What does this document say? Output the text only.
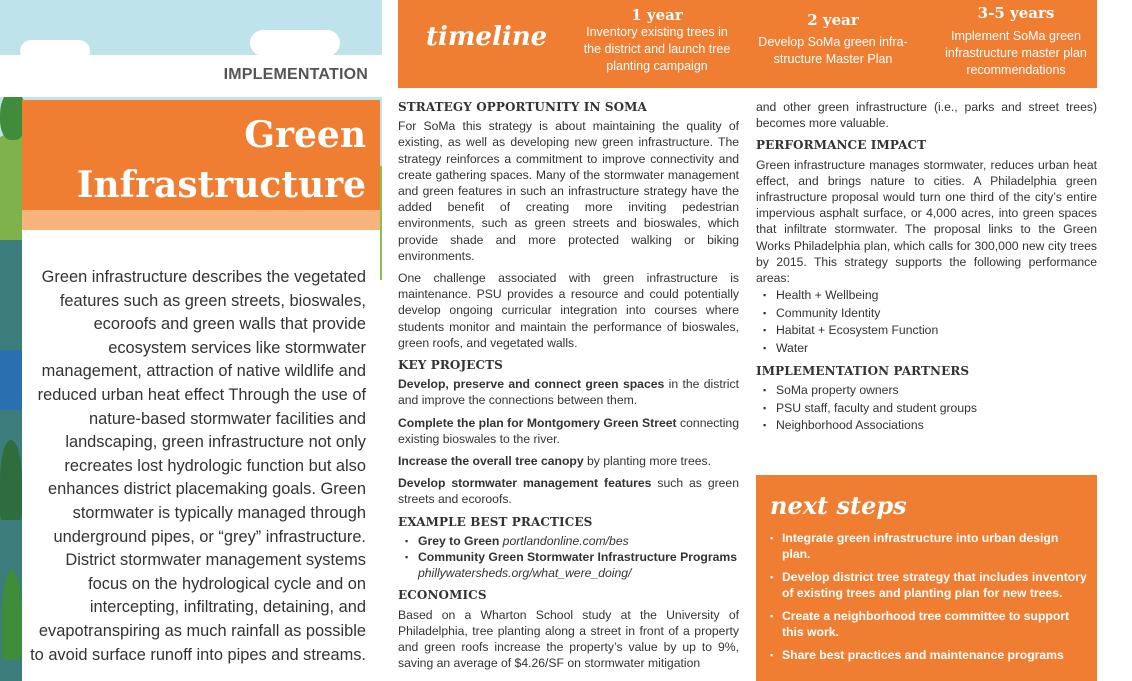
Green
Infrastructure
IMPLEMENTATION
Green infrastructure describes the vegetated features such as green streets, bioswales, ecoroofs and green walls that provide ecosystem services like stormwater management, attraction of native wildlife and reduced urban heat effect Through the use of nature-based stormwater facilities and landscaping, green infrastructure not only recreates lost hydrologic function but also enhances district placemaking goals. Green stormwater is typically managed through underground pipes, or “grey” infrastructure. District stormwater management systems focus on the hydrological cycle and on intercepting, infiltrating, detaining, and evapotranspiring as much rainfall as possible to avoid surface runoff into pipes and streams.
timeline
1 year
Inventory existing trees in the district and launch tree planting campaign
2 year
Develop SoMa green infra-structure Master Plan
3-5 years
Implement SoMa green infrastructure master plan recommendations
STRATEGY OPPORTUNITY IN SOMA

For SoMa this strategy is about maintaining the quality of existing, as well as developing new green infrastructure. The strategy reinforces a commitment to improve connectivity and create gathering spaces. Many of the stormwater management and green features in such an infrastructure strategy have the added benefit of creating more inviting pedestrian environments, such as green streets and bioswales, which provide shade and more protected walking or biking environments.

One challenge associated with green infrastructure is maintenance. PSU provides a resource and could potentially develop ongoing curricular integration into courses where students monitor and maintain the performance of bioswales, green roofs, and vegetated walls.

KEY PROJECTS

Develop, preserve and connect green spaces in the district and improve the connections between them.

Complete the plan for Montgomery Green Street connecting existing bioswales to the river.

Increase the overall tree canopy by planting more trees.

Develop stormwater management features such as green streets and ecoroofs.

EXAMPLE BEST PRACTICES
▪ Grey to Green portlandonline.com/bes
▪ Community Green Stormwater Infrastructure Programs
phillywatersheds.org/what_were_doing/
ECONOMICS

Based on a Wharton School study at the University of Philadelphia, tree planting along a street in front of a property and green roofs increase the property’s value by up to 9%, saving an average of $4.26/SF on stormwater mitigation

and other green infrastructure (i.e., parks and street trees) becomes more valuable.

PERFORMANCE IMPACT

Green infrastructure manages stormwater, reduces urban heat effect, and brings nature to cities. A Philadelphia green infrastructure proposal would turn one third of the city’s entire impervious asphalt surface, or 4,000 acres, into green spaces that infiltrate stormwater. The proposal links to the Green Works Philadelphia plan, which calls for 300,000 new city trees by 2015. This strategy supports the following performance areas:

▪ Health + Wellbeing
▪ Community Identity
▪ Habitat + Ecosystem Function
▪ Water
IMPLEMENTATION PARTNERS
▪ SoMa property owners
▪ PSU staff, faculty and student groups
▪ Neighborhood Associations
next steps
▪ Integrate green infrastructure into urban design plan.
▪ Develop district tree strategy that includes inventory of existing trees and planting plan for new trees.
▪ Create a neighborhood tree committee to support this work.
▪ Share best practices and maintenance programs
